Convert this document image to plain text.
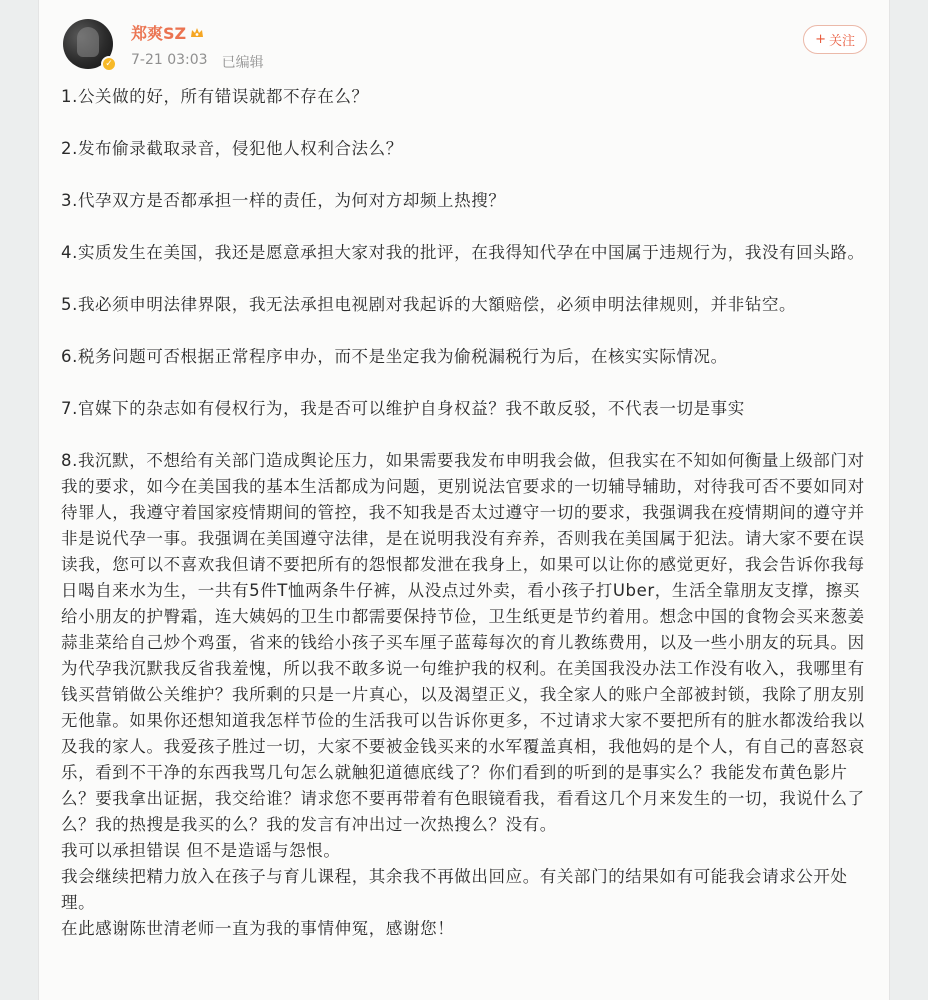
✓
郑爽SZ
7-21 03:03 已编辑
+ 关注

1.公关做的好，所有错误就都不存在么？

2.发布偷录截取录音，侵犯他人权利合法么？

3.代孕双方是否都承担一样的责任，为何对方却频上热搜？

4.实质发生在美国，我还是愿意承担大家对我的批评，在我得知代孕在中国属于违规行为，我没有回头路。

5.我必须申明法律界限，我无法承担电视剧对我起诉的大額赔偿，必须申明法律规则，并非钻空。

6.税务问题可否根据正常程序申办，而不是坐定我为偷税漏税行为后，在核实实际情况。

7.官媒下的杂志如有侵权行为，我是否可以维护自身权益？我不敢反驳，不代表一切是事实

8.我沉默，不想给有关部门造成舆论压力，如果需要我发布申明我会做，但我实在不知如何衡量上级部门对我的要求，如今在美国我的基本生活都成为问题，更别说法官要求的一切辅导辅助，对待我可否不要如同对待罪人，我遵守着国家疫情期间的管控，我不知我是否太过遵守一切的要求，我强调我在疫情期间的遵守并非是说代孕一事。我强调在美国遵守法律，是在说明我没有弃养，否则我在美国属于犯法。请大家不要在误读我，您可以不喜欢我但请不要把所有的怨恨都发泄在我身上，如果可以让你的感觉更好，我会告诉你我每日喝自来水为生，一共有5件T恤两条牛仔裤，从没点过外卖，看小孩子打Uber，生活全靠朋友支撑，擦买给小朋友的护臀霜，连大姨妈的卫生巾都需要保持节俭，卫生纸更是节约着用。想念中国的食物会买来葱姜蒜韭菜给自己炒个鸡蛋，省来的钱给小孩子买车厘子蓝莓每次的育儿教练费用，以及一些小朋友的玩具。因为代孕我沉默我反省我羞愧，所以我不敢多说一句维护我的权利。在美国我没办法工作没有收入，我哪里有钱买营销做公关维护？我所剩的只是一片真心，以及渴望正义，我全家人的账户全部被封锁，我除了朋友别无他靠。如果你还想知道我怎样节俭的生活我可以告诉你更多，不过请求大家不要把所有的脏水都泼给我以及我的家人。我爱孩子胜过一切，大家不要被金钱买来的水军覆盖真相，我他妈的是个人，有自己的喜怒哀乐，看到不干净的东西我骂几句怎么就触犯道德底线了？你们看到的听到的是事实么？我能发布黄色影片么？要我拿出证据，我交给谁？请求您不要再带着有色眼镜看我，看看这几个月来发生的一切，我说什么了么？我的热搜是我买的么？我的发言有冲出过一次热搜么？没有。

我可以承担错误 但不是造谣与怨恨。

我会继续把精力放入在孩子与育儿课程，其余我不再做出回应。有关部门的结果如有可能我会请求公开处理。

在此感谢陈世清老师一直为我的事情伸冤，感谢您！
